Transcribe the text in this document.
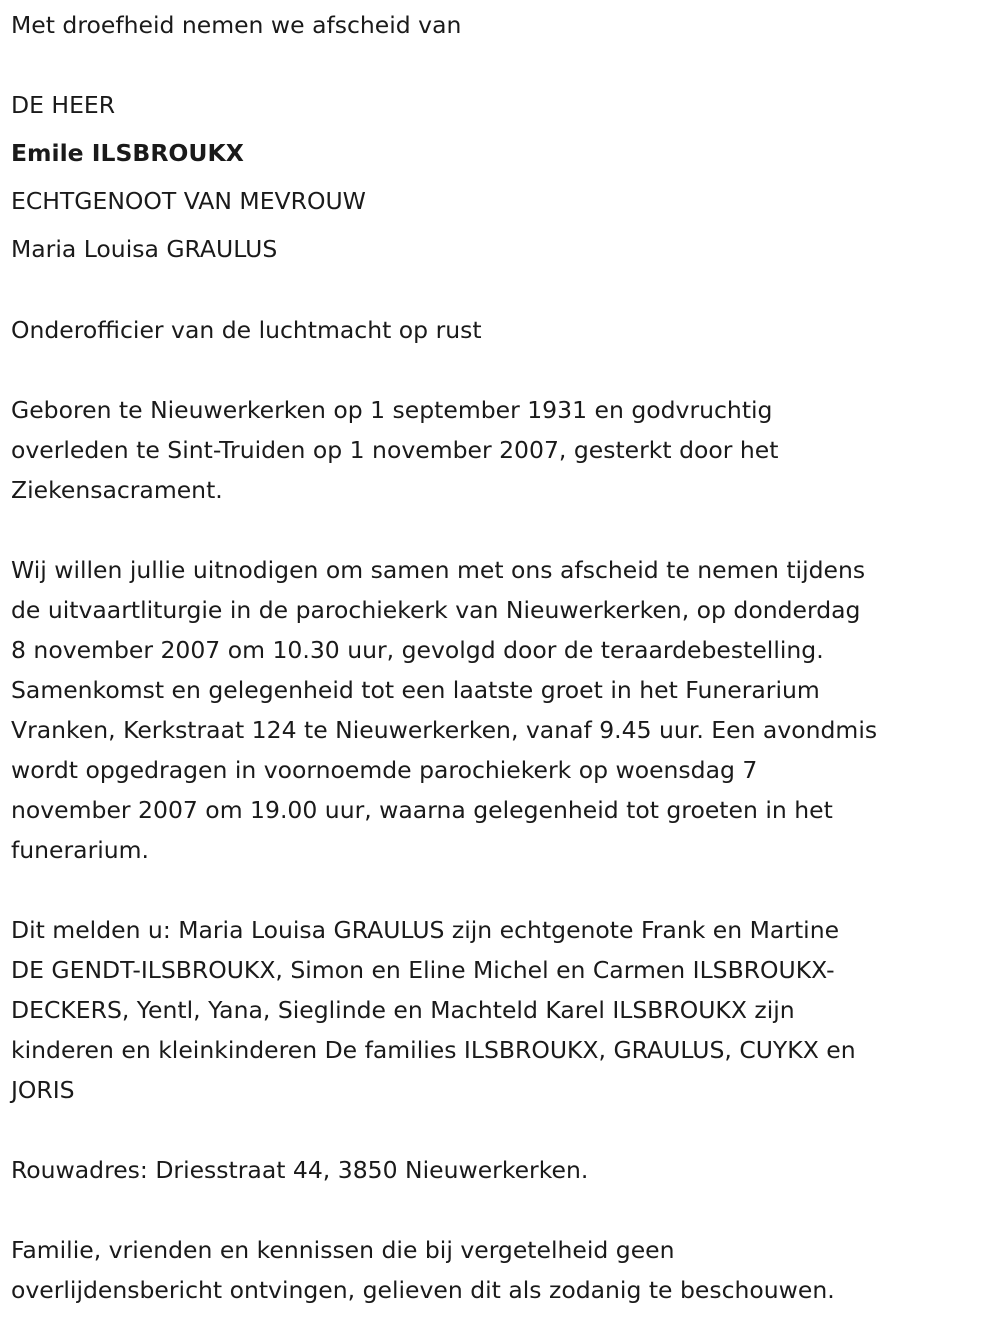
Met droefheid nemen we afscheid van
DE HEER
Emile ILSBROUKX
ECHTGENOOT VAN MEVROUW
Maria Louisa GRAULUS
Onderofficier van de luchtmacht op rust
Geboren te Nieuwerkerken op 1 september 1931 en godvruchtig
overleden te Sint-Truiden op 1 november 2007, gesterkt door het
Ziekensacrament.
Wij willen jullie uitnodigen om samen met ons afscheid te nemen tijdens
de uitvaartliturgie in de parochiekerk van Nieuwerkerken, op donderdag
8 november 2007 om 10.30 uur, gevolgd door de teraardebestelling.
Samenkomst en gelegenheid tot een laatste groet in het Funerarium
Vranken, Kerkstraat 124 te Nieuwerkerken, vanaf 9.45 uur. Een avondmis
wordt opgedragen in voornoemde parochiekerk op woensdag 7
november 2007 om 19.00 uur, waarna gelegenheid tot groeten in het
funerarium.
Dit melden u: Maria Louisa GRAULUS zijn echtgenote Frank en Martine
DE GENDT-ILSBROUKX, Simon en Eline Michel en Carmen ILSBROUKX-
DECKERS, Yentl, Yana, Sieglinde en Machteld Karel ILSBROUKX zijn
kinderen en kleinkinderen De families ILSBROUKX, GRAULUS, CUYKX en
JORIS
Rouwadres: Driesstraat 44, 3850 Nieuwerkerken.
Familie, vrienden en kennissen die bij vergetelheid geen
overlijdensbericht ontvingen, gelieven dit als zodanig te beschouwen.
